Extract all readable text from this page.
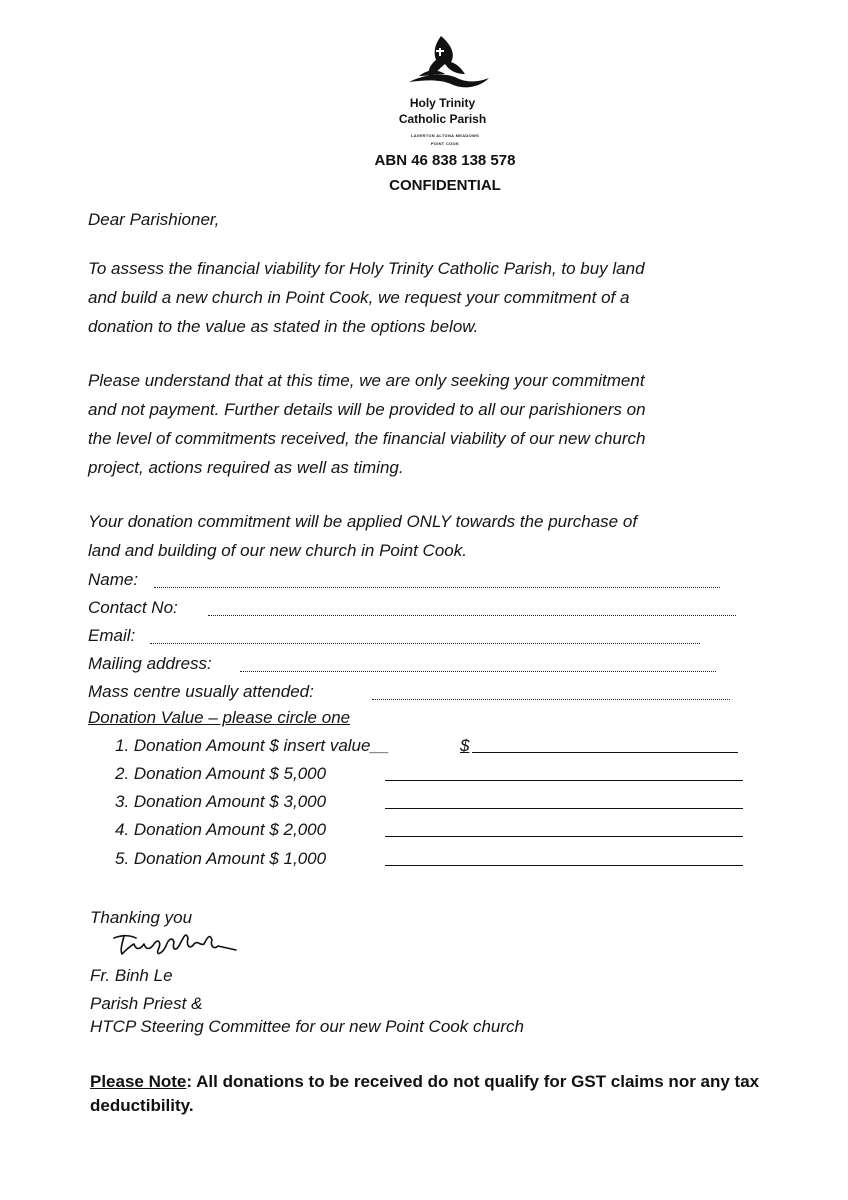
Holy Trinity
Catholic Parish
LAVERTON ALTONA MEADOWS
POINT COOK
ABN 46 838 138 578
CONFIDENTIAL
Dear Parishioner,
To assess the financial viability for Holy Trinity Catholic Parish, to buy land
and build a new church in Point Cook, we request your commitment of a
donation to the value as stated in the options below.
Please understand that at this time, we are only seeking your commitment
and not payment. Further details will be provided to all our parishioners on
the level of commitments received, the financial viability of our new church
project, actions required as well as timing.
Your donation commitment will be applied ONLY towards the purchase of
land and building of our new church in Point Cook.
Name:
Contact No:
Email:
Mailing address:
Mass centre usually attended:
Donation Value – please circle one
1. Donation Amount $ insert value__	$
2. Donation Amount $ 5,000
3. Donation Amount $ 3,000
4. Donation Amount $ 2,000
5. Donation Amount $ 1,000
Thanking you
Fr. Binh Le
Parish Priest &
HTCP Steering Committee for our new Point Cook church
Please Note: All donations to be received do not qualify for GST claims nor any tax deductibility.
